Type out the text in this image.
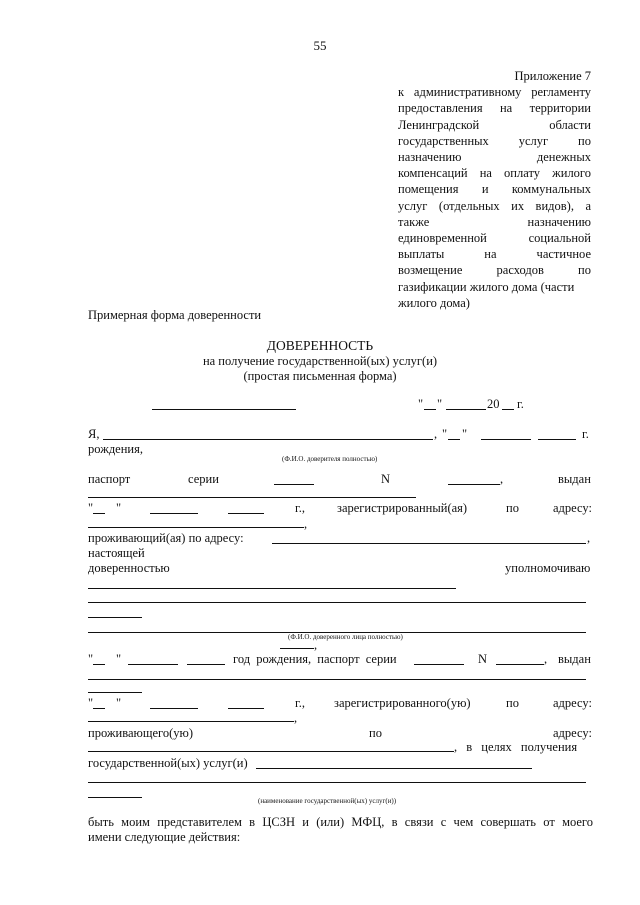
55
Приложение 7
к административному регламенту
предоставления на территории
Ленинградской области
государственных услуг по
назначению денежных
компенсаций на оплату жилого
помещения и коммунальных
услуг (отдельных их видов), а
также назначению
единовременной социальной
выплаты на частичное
возмещение расходов по
газификации жилого дома (части
жилого дома)
Примерная форма доверенности
ДОВЕРЕННОСТЬ
на получение государственной(ых) услуг(и)
(простая письменная форма)
" "	20 г.
Я,	, " "	г.
рождения,
(Ф.И.О. доверителя полностью)
паспорт	серии	N	,	выдан
" "	г.,	зарегистрированный(ая)	по	адресу:
,
проживающий(ая) по адресу:	,
настоящей
доверенностью	уполномочиваю
(Ф.И.О. доверенного лица полностью)
,
" "	год рождения, паспорт серии	N	, выдан
" "	г., зарегистрированного(ую)	по	адресу:
,
проживающего(ую)	по	адресу:
, в целях получения
государственной(ых) услуг(и)
(наименование государственной(ых) услуг(и))
быть моим представителем в ЦСЗН и (или) МФЦ, в связи с чем совершать от моего
имени следующие действия:
